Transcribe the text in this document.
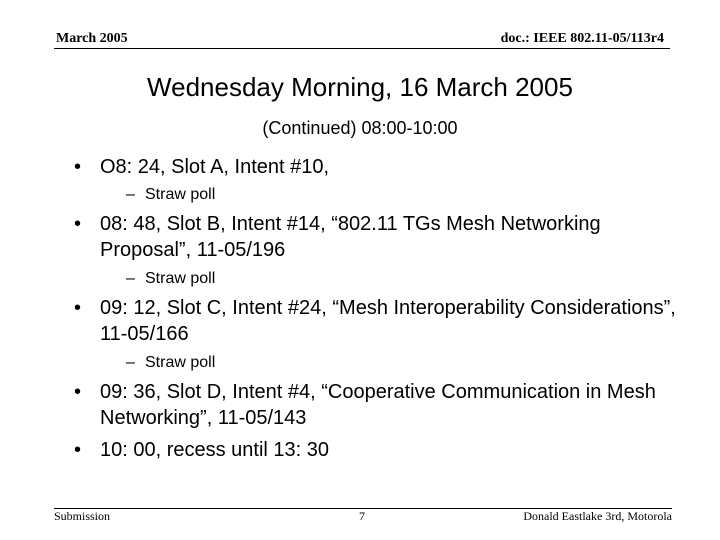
March 2005	doc.: IEEE 802.11-05/113r4
Wednesday Morning, 16 March 2005
(Continued) 08:00-10:00
• O8: 24, Slot A, Intent #10,
– Straw poll
• 08: 48, Slot B, Intent #14, “802.11 TGs Mesh Networking Proposal”, 11-05/196
– Straw poll
• 09: 12, Slot C, Intent #24, “Mesh Interoperability Considerations”, 11-05/166
– Straw poll
• 09: 36, Slot D, Intent #4, “Cooperative Communication in Mesh Networking”, 11-05/143
• 10: 00, recess until 13: 30
Submission	7	Donald Eastlake 3rd, Motorola
